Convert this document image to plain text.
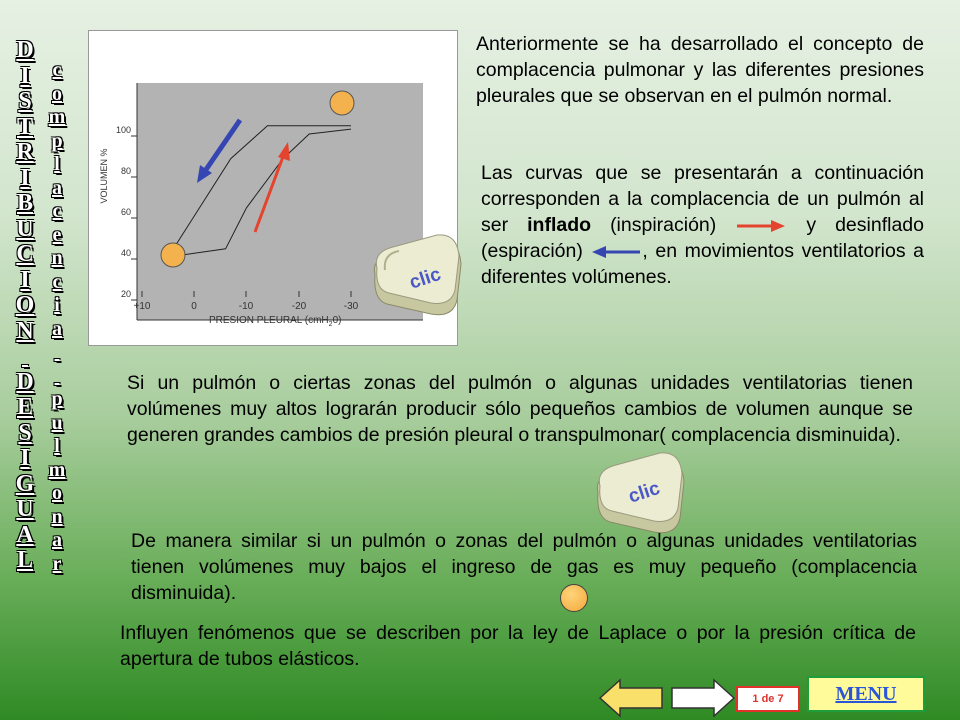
D
I
S
T
R
I
B
U
C
I
O
N

D
E
S
I
G
U
A
L
c
o
m
p
l
a
c
e
n
c
i
a

p
u
l
m
o
n
a
r
100
80
60
40
20
+10	0	-10	-20	-30
VOLUMEN %
PRESION PLEURAL (cmH$_2$0)
clic
clic
Anteriormente se ha desarrollado el concepto de complacencia pulmonar y las diferentes presiones pleurales que se observan en el pulmón normal.
Las curvas que se presentarán a continuación corresponden a la complacencia de un pulmón al ser inflado (inspiración)	y desinflado (espiración)	, en movimientos ventilatorios a diferentes volúmenes.
Si un pulmón o ciertas zonas del pulmón o algunas unidades ventilatorias tienen volúmenes muy altos lograrán producir sólo pequeños cambios de volumen aunque se generen grandes cambios de presión pleural o transpulmonar( complacencia disminuida).
De manera similar si un pulmón o zonas del pulmón o algunas unidades ventilatorias tienen volúmenes muy bajos el ingreso de gas es muy pequeño (complacencia disminuida).
Influyen fenómenos que se describen por la ley de Laplace o por la presión crítica de apertura de tubos elásticos.
1 de 7	MENU
